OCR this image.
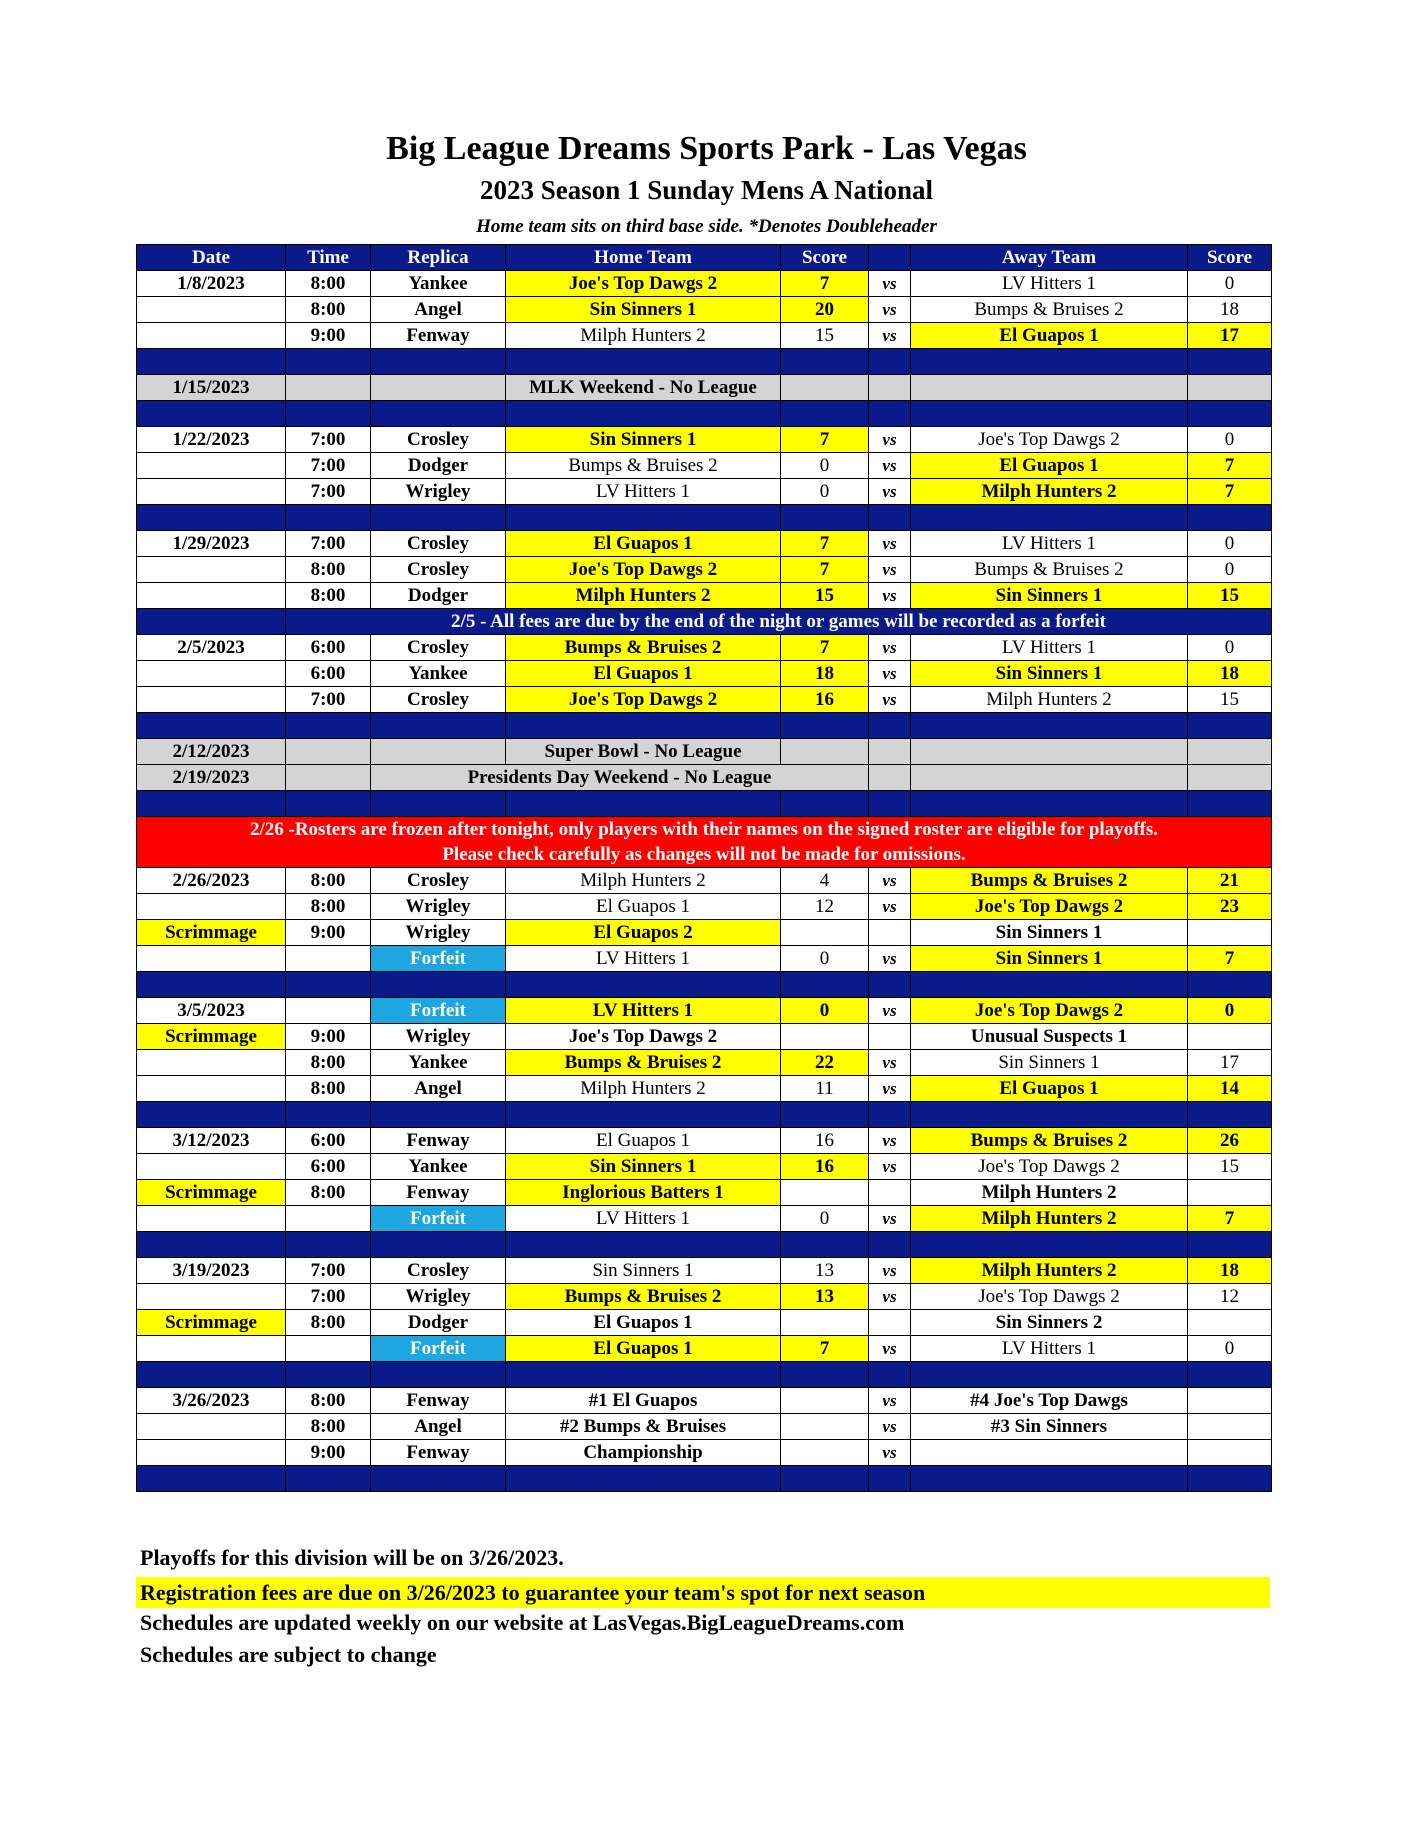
Big League Dreams Sports Park - Las Vegas
2023 Season 1 Sunday Mens A National
Home team sits on third base side. *Denotes Doubleheader
Date	Time	Replica	Home Team	Score		Away Team	Score
1/8/2023	8:00	Yankee	Joe's Top Dawgs 2	7	vs	LV Hitters 1	0
	8:00	Angel	Sin Sinners 1	20	vs	Bumps & Bruises 2	18
	9:00	Fenway	Milph Hunters 2	15	vs	El Guapos 1	17

1/15/2023			MLK Weekend - No League				

1/22/2023	7:00	Crosley	Sin Sinners 1	7	vs	Joe's Top Dawgs 2	0
	7:00	Dodger	Bumps & Bruises 2	0	vs	El Guapos 1	7
	7:00	Wrigley	LV Hitters 1	0	vs	Milph Hunters 2	7

1/29/2023	7:00	Crosley	El Guapos 1	7	vs	LV Hitters 1	0
	8:00	Crosley	Joe's Top Dawgs 2	7	vs	Bumps & Bruises 2	0
	8:00	Dodger	Milph Hunters 2	15	vs	Sin Sinners 1	15
	2/5 - All fees are due by the end of the night or games will be recorded as a forfeit						
2/5/2023	6:00	Crosley	Bumps & Bruises 2	7	vs	LV Hitters 1	0
	6:00	Yankee	El Guapos 1	18	vs	Sin Sinners 1	18
	7:00	Crosley	Joe's Top Dawgs 2	16	vs	Milph Hunters 2	15

2/12/2023			Super Bowl - No League				
2/19/2023		Presidents Day Weekend - No League					

2/26 -Rosters are frozen after tonight, only players with their names on the signed roster are eligible for playoffs.
Please check carefully as changes will not be made for omissions.							

2/26/2023	8:00	Crosley	Milph Hunters 2	4	vs	Bumps & Bruises 2	21
	8:00	Wrigley	El Guapos 1	12	vs	Joe's Top Dawgs 2	23
Scrimmage	9:00	Wrigley	El Guapos 2			Sin Sinners 1	
		Forfeit	LV Hitters 1	0	vs	Sin Sinners 1	7

3/5/2023		Forfeit	LV Hitters 1	0	vs	Joe's Top Dawgs 2	0
Scrimmage	9:00	Wrigley	Joe's Top Dawgs 2			Unusual Suspects 1	
	8:00	Yankee	Bumps & Bruises 2	22	vs	Sin Sinners 1	17
	8:00	Angel	Milph Hunters 2	11	vs	El Guapos 1	14

3/12/2023	6:00	Fenway	El Guapos 1	16	vs	Bumps & Bruises 2	26
	6:00	Yankee	Sin Sinners 1	16	vs	Joe's Top Dawgs 2	15
Scrimmage	8:00	Fenway	Inglorious Batters 1			Milph Hunters 2	
		Forfeit	LV Hitters 1	0	vs	Milph Hunters 2	7

3/19/2023	7:00	Crosley	Sin Sinners 1	13	vs	Milph Hunters 2	18
	7:00	Wrigley	Bumps & Bruises 2	13	vs	Joe's Top Dawgs 2	12
Scrimmage	8:00	Dodger	El Guapos 1			Sin Sinners 2	
		Forfeit	El Guapos 1	7	vs	LV Hitters 1	0

3/26/2023	8:00	Fenway	#1 El Guapos		vs	#4 Joe's Top Dawgs	
	8:00	Angel	#2 Bumps & Bruises		vs	#3 Sin Sinners	
	9:00	Fenway	Championship		vs		

Playoffs for this division will be on 3/26/2023.
Registration fees are due on 3/26/2023 to guarantee your team's spot for next season
Schedules are updated weekly on our website at LasVegas.BigLeagueDreams.com
Schedules are subject to change
